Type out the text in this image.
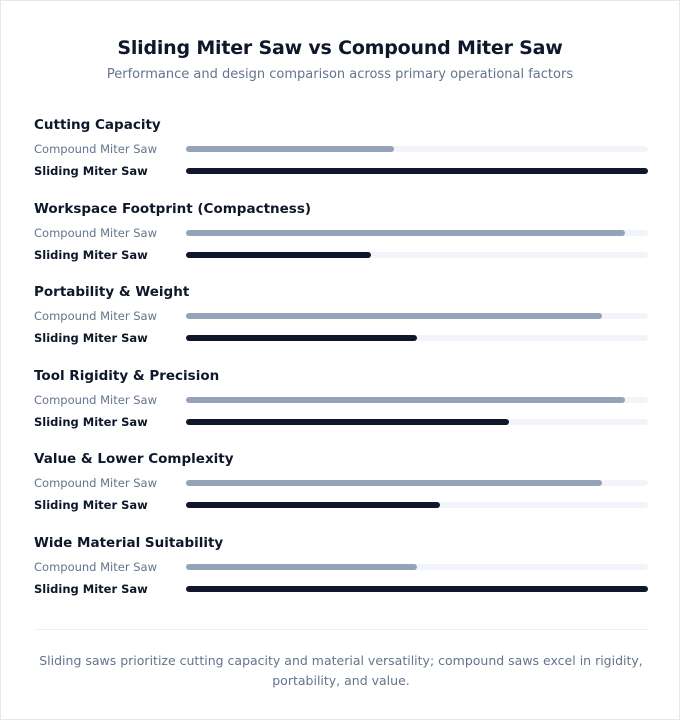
Sliding Miter Saw vs Compound Miter Saw
Performance and design comparison across primary operational factors
Cutting Capacity
Compound Miter Saw
Sliding Miter Saw
Workspace Footprint (Compactness)
Compound Miter Saw
Sliding Miter Saw
Portability & Weight
Compound Miter Saw
Sliding Miter Saw
Tool Rigidity & Precision
Compound Miter Saw
Sliding Miter Saw
Value & Lower Complexity
Compound Miter Saw
Sliding Miter Saw
Wide Material Suitability
Compound Miter Saw
Sliding Miter Saw
Sliding saws prioritize cutting capacity and material versatility; compound saws excel in rigidity, portability, and value.
